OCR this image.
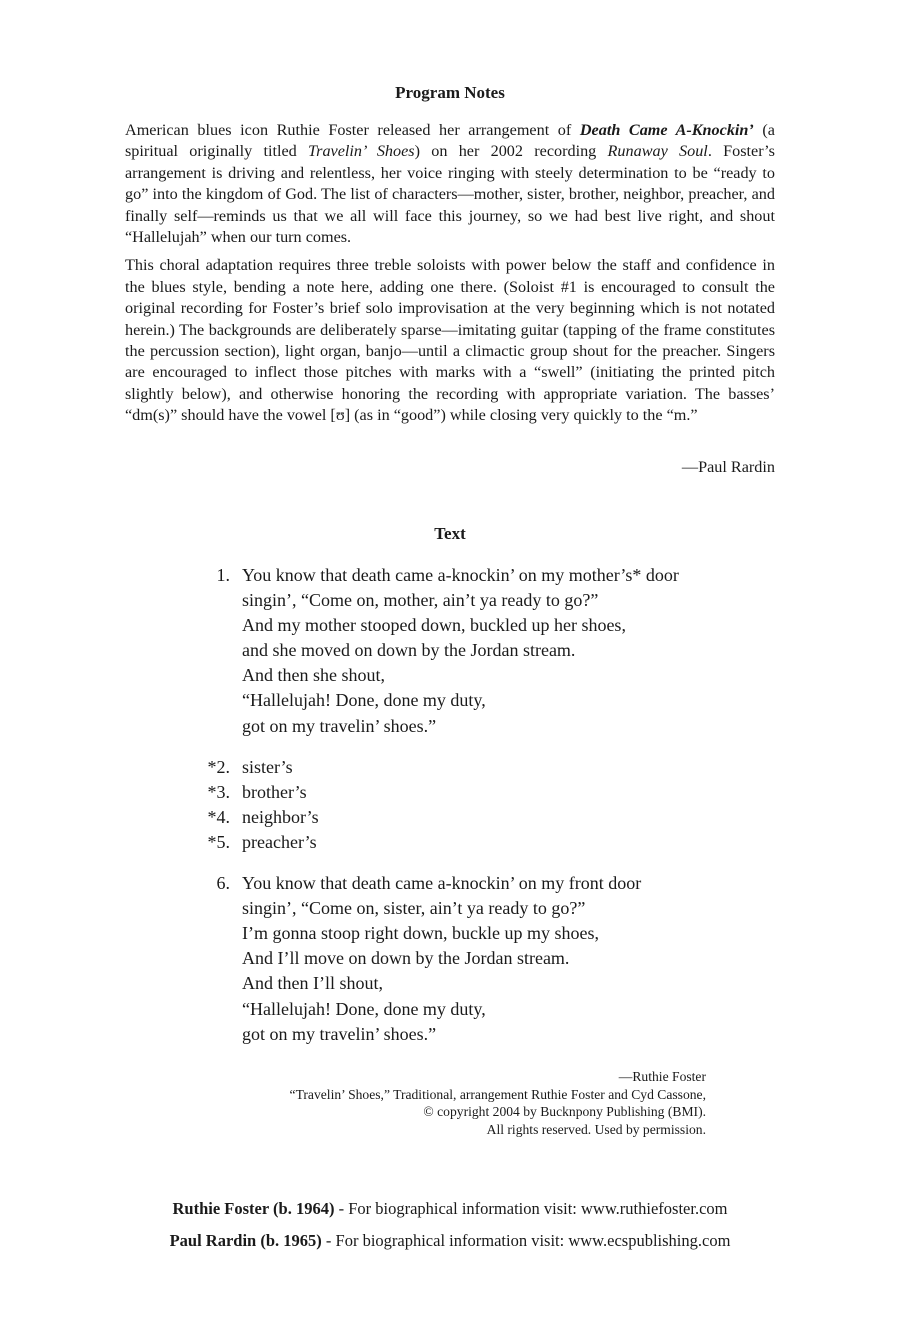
Program Notes

American blues icon Ruthie Foster released her arrangement of Death Came A-Knockin’ (a spiritual originally titled Travelin’ Shoes) on her 2002 recording Runaway Soul. Foster’s arrangement is driving and relentless, her voice ringing with steely determination to be “ready to go” into the kingdom of God. The list of characters—mother, sister, brother, neighbor, preacher, and finally self—reminds us that we all will face this journey, so we had best live right, and shout “Hallelujah” when our turn comes.

This choral adaptation requires three treble soloists with power below the staff and confidence in the blues style, bending a note here, adding one there. (Soloist #1 is encouraged to consult the original recording for Foster’s brief solo improvisation at the very beginning which is not notated herein.) The backgrounds are deliberately sparse—imitating guitar (tapping of the frame constitutes the percussion section), light organ, banjo—until a climactic group shout for the preacher. Singers are encouraged to inflect those pitches with marks with a “swell” (initiating the printed pitch slightly below), and otherwise honoring the recording with appropriate variation. The basses’ “dm(s)” should have the vowel [ʊ] (as in “good”) while closing very quickly to the “m.”

—Paul Rardin
Text
1. You know that death came a-knockin’ on my mother’s* door
singin’, “Come on, mother, ain’t ya ready to go?”
And my mother stooped down, buckled up her shoes,
and she moved on down by the Jordan stream.
And then she shout,
“Hallelujah! Done, done my duty,
got on my travelin’ shoes.”
*2. sister’s
*3. brother’s
*4. neighbor’s
*5. preacher’s
6. You know that death came a-knockin’ on my front door
singin’, “Come on, sister, ain’t ya ready to go?”
I’m gonna stoop right down, buckle up my shoes,
And I’ll move on down by the Jordan stream.
And then I’ll shout,
“Hallelujah! Done, done my duty,
got on my travelin’ shoes.”
—Ruthie Foster
“Travelin’ Shoes,” Traditional, arrangement Ruthie Foster and Cyd Cassone,
© copyright 2004 by Bucknpony Publishing (BMI).
All rights reserved. Used by permission.
Ruthie Foster (b. 1964) - For biographical information visit: www.ruthiefoster.com
Paul Rardin (b. 1965) - For biographical information visit: www.ecspublishing.com
